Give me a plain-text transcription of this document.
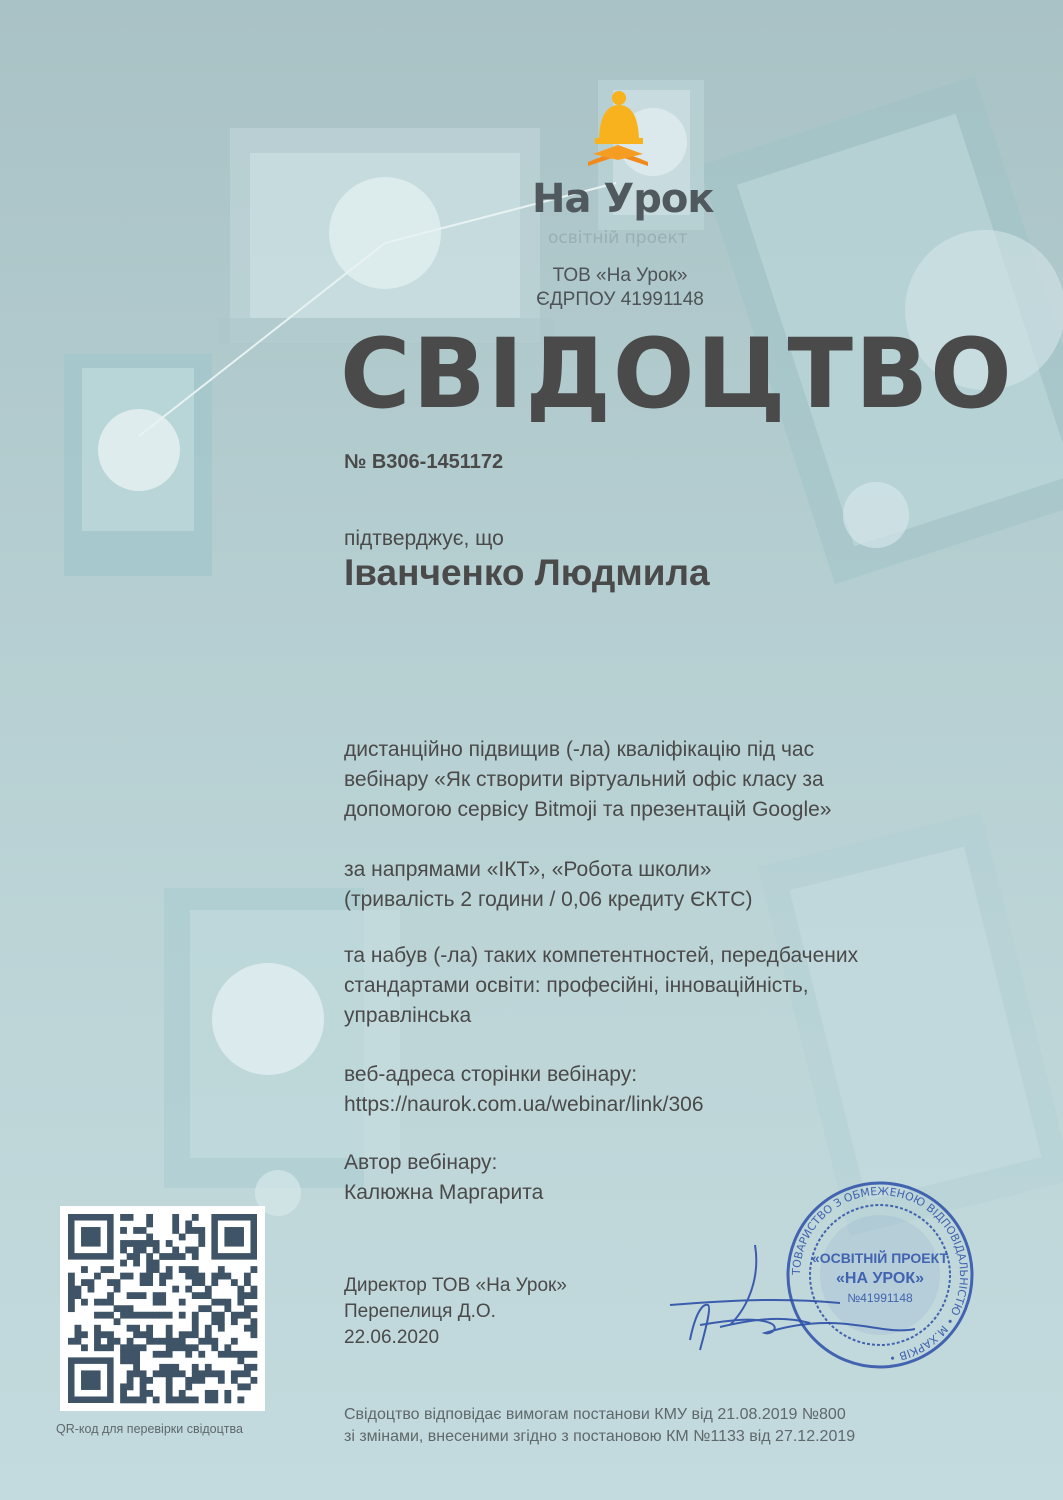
На Урок
освітній проект
ТОВ «На Урок»
ЄДРПОУ 41991148
СВІДОЦТВО
№ В306-1451172
підтверджує, що
Іванченко Людмила
дистанційно підвищив (-ла) кваліфікацію під час
вебінару «Як створити віртуальний офіс класу за
допомогою сервісу Bitmoji та презентацій Google»
за напрямами «ІКТ», «Робота школи»
(тривалість 2 години / 0,06 кредиту ЄКТС)
та набув (-ла) таких компетентностей, передбачених
стандартами освіти: професійні, інноваційність,
управлінська
веб-адреса сторінки вебінару:
https://naurok.com.ua/webinar/link/306
Автор вебінару:
Калюжна Маргарита
Директор ТОВ «На Урок»
Перепелиця Д.О.
22.06.2020
ТОВАРИСТВО З ОБМЕЖЕНОЮ ВІДПОВІДАЛЬНІСТЮ • М.ХАРКІВ •
«ОСВІТНІЙ ПРОЕКТ
«НА УРОК»
№41991148
QR-код для перевірки свідоцтва
Свідоцтво відповідає вимогам постанови КМУ від 21.08.2019 №800
зі змінами, внесеними згідно з постановою КМ №1133 від 27.12.2019
